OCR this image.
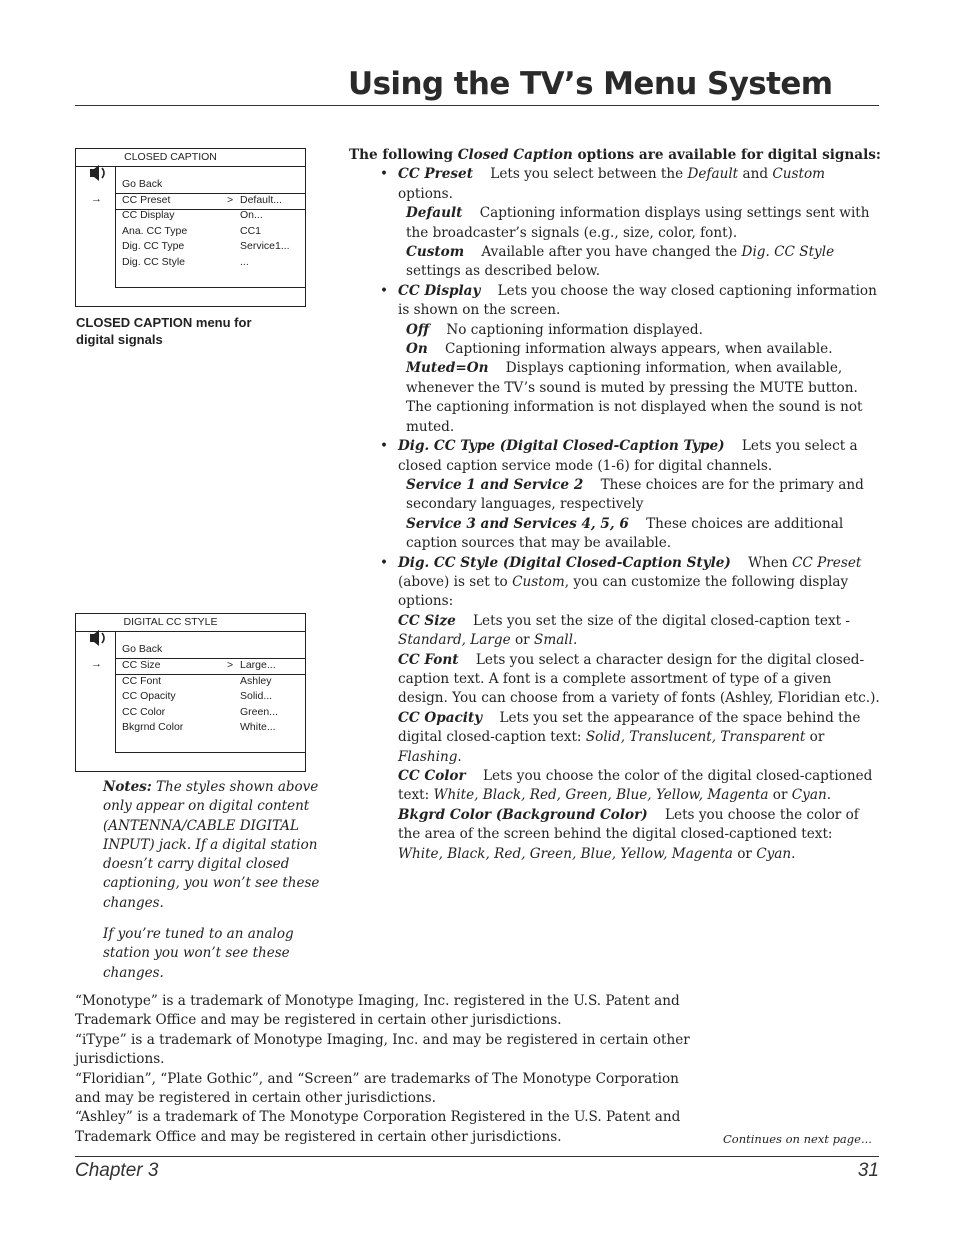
Using the TV’s Menu System
CLOSED CAPTION
Go Back
CC Preset	> Default...
CC Display	On...
Ana. CC Type	CC1
Dig. CC Type	Service1...
Dig. CC Style	...
→
CLOSED CAPTION menu for
digital signals
DIGITAL CC STYLE
Go Back
CC Size	> Large...
CC Font	Ashley
CC Opacity	Solid...
CC Color	Green...
Bkgrnd Color	White...
→

Notes: The styles shown above only appear on digital content (ANTENNA/CABLE DIGITAL INPUT) jack. If a digital station doesn’t carry digital closed captioning, you won’t see these changes.

If you’re tuned to an analog station you won’t see these changes.

The following Closed Caption options are available for digital signals:

• CC Preset Lets you select between the Default and Custom options.

Default Captioning information displays using settings sent with the broadcaster’s signals (e.g., size, color, font).

Custom Available after you have changed the Dig. CC Style settings as described below.

• CC Display Lets you choose the way closed captioning information is shown on the screen.

Off No captioning information displayed.

On Captioning information always appears, when available.

Muted=On Displays captioning information, when available, whenever the TV’s sound is muted by pressing the MUTE button. The captioning information is not displayed when the sound is not muted.

• Dig. CC Type (Digital Closed-Caption Type) Lets you select a closed caption service mode (1-6) for digital channels.

Service 1 and Service 2 These choices are for the primary and secondary languages, respectively

Service 3 and Services 4, 5, 6 These choices are additional caption sources that may be available.

• Dig. CC Style (Digital Closed-Caption Style) When CC Preset (above) is set to Custom, you can customize the following display options:

CC Size Lets you set the size of the digital closed-caption text - Standard, Large or Small.

CC Font Lets you select a character design for the digital closed-caption text. A font is a complete assortment of type of a given design. You can choose from a variety of fonts (Ashley, Floridian etc.).

CC Opacity Lets you set the appearance of the space behind the digital closed-caption text: Solid, Translucent, Transparent or Flashing.

CC Color Lets you choose the color of the digital closed-captioned text: White, Black, Red, Green, Blue, Yellow, Magenta or Cyan.

Bkgrd Color (Background Color) Lets you choose the color of the area of the screen behind the digital closed-captioned text: White, Black, Red, Green, Blue, Yellow, Magenta or Cyan.

“Monotype” is a trademark of Monotype Imaging, Inc. registered in the U.S. Patent and Trademark Office and may be registered in certain other jurisdictions.

“iType” is a trademark of Monotype Imaging, Inc. and may be registered in certain other jurisdictions.

“Floridian”, “Plate Gothic”, and “Screen” are trademarks of The Monotype Corporation and may be registered in certain other jurisdictions.

“Ashley” is a trademark of The Monotype Corporation Registered in the U.S. Patent and Trademark Office and may be registered in certain other jurisdictions.	Continues on next page...
Chapter 3	31
